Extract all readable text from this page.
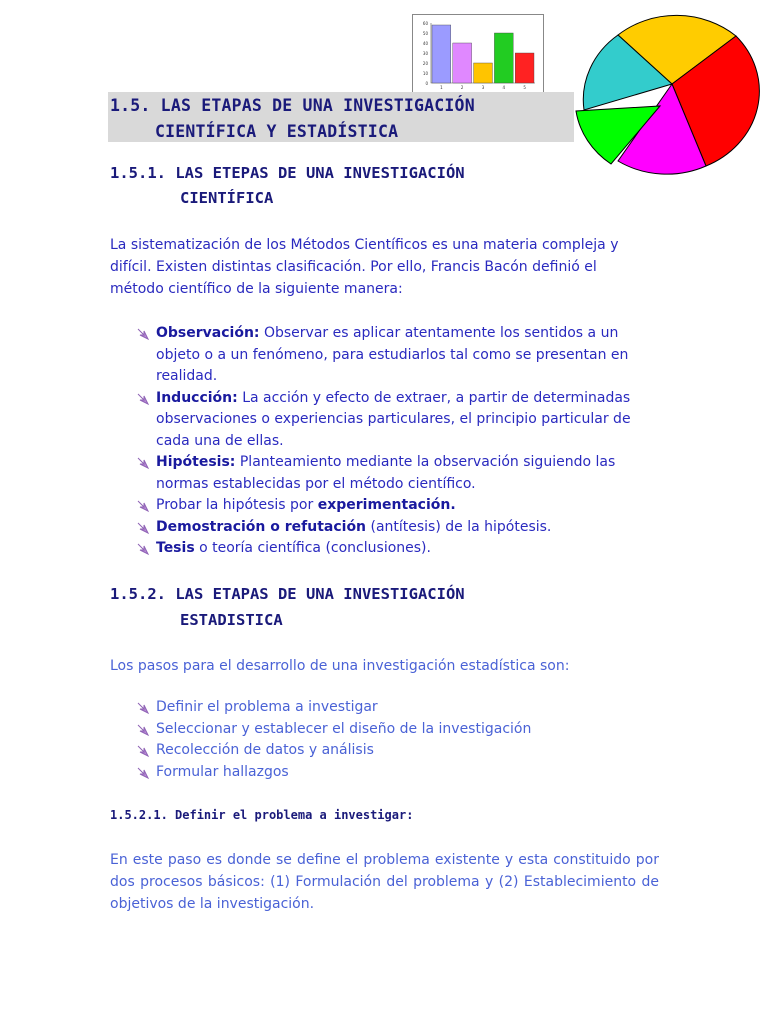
60
50
40
30
20
10
0
1	2	3	4	5
1.5. LAS ETAPAS DE UNA INVESTIGACIÓN
CIENTÍFICA Y ESTADÍSTICA
1.5.1. LAS ETEPAS DE UNA INVESTIGACIÓN
CIENTÍFICA
La sistematización de los Métodos Científicos es una materia compleja y
difícil. Existen distintas clasificación. Por ello, Francis Bacón definió el
método científico de la siguiente manera:
Observación: Observar es aplicar atentamente los sentidos a un
objeto o a un fenómeno, para estudiarlos tal como se presentan en
realidad.
Inducción: La acción y efecto de extraer, a partir de determinadas
observaciones o experiencias particulares, el principio particular de
cada una de ellas.
Hipótesis: Planteamiento mediante la observación siguiendo las
normas establecidas por el método científico.
Probar la hipótesis por experimentación.
Demostración o refutación (antítesis) de la hipótesis.
Tesis o teoría científica (conclusiones).
1.5.2. LAS ETAPAS DE UNA INVESTIGACIÓN
ESTADISTICA
Los pasos para el desarrollo de una investigación estadística son:
Definir el problema a investigar
Seleccionar y establecer el diseño de la investigación
Recolección de datos y análisis
Formular hallazgos
1.5.2.1. Definir el problema a investigar:
En este paso es donde se define el problema existente y esta constituido por dos procesos básicos: (1) Formulación del problema y (2) Establecimiento de objetivos de la investigación.
